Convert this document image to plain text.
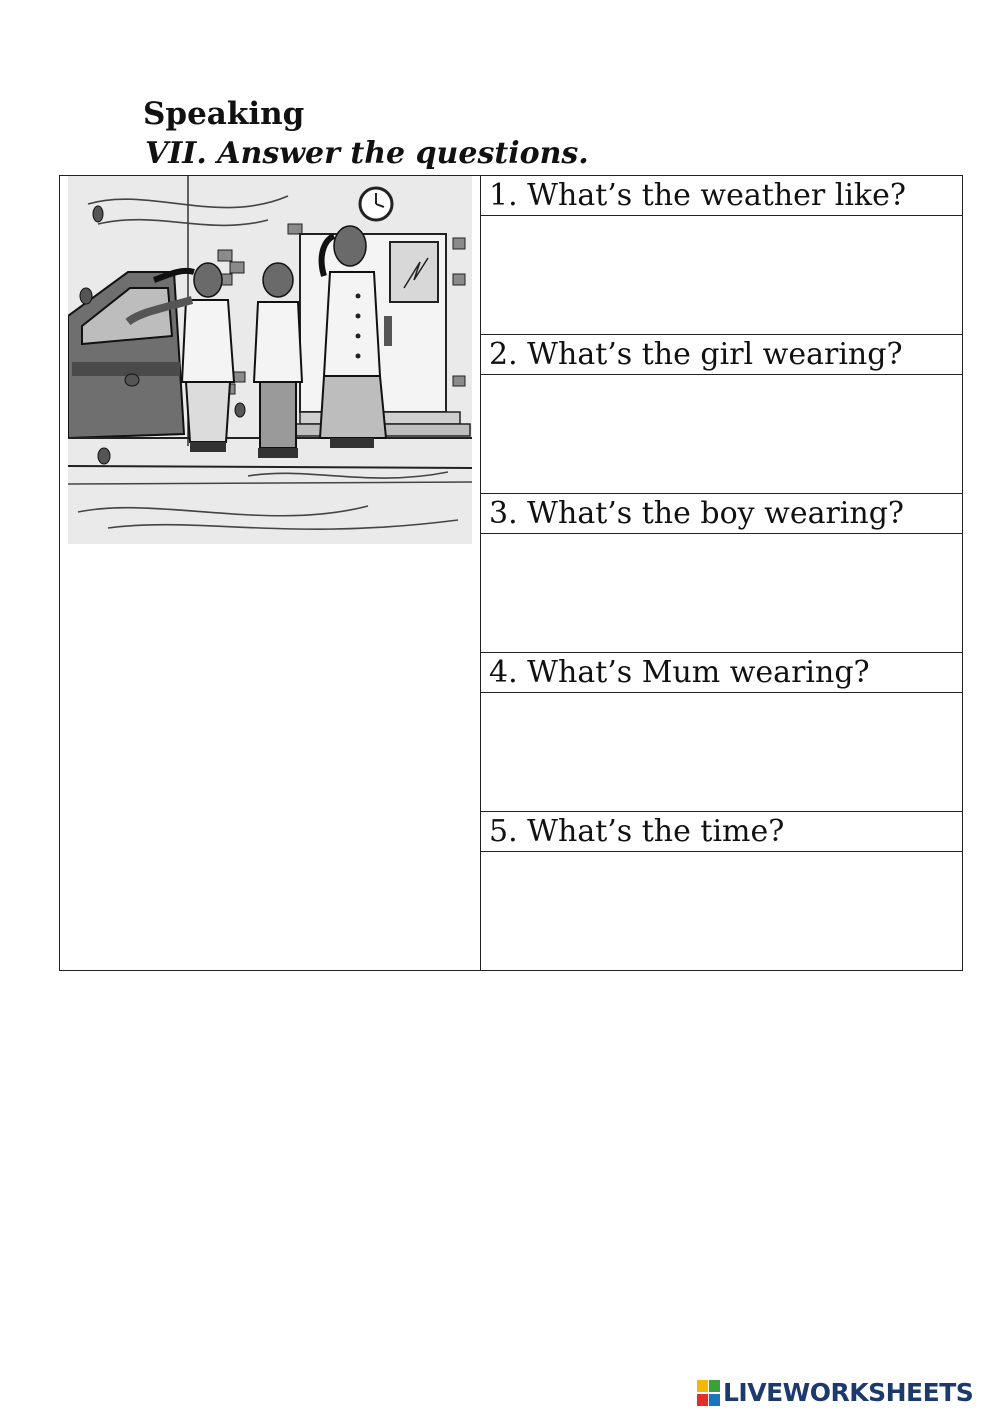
Speaking
VII. Answer the questions.
1. What’s the weather like?
2. What’s the girl wearing?
3. What’s the boy wearing?
4. What’s Mum wearing?
5. What’s the time?
LIVEWORKSHEETS
